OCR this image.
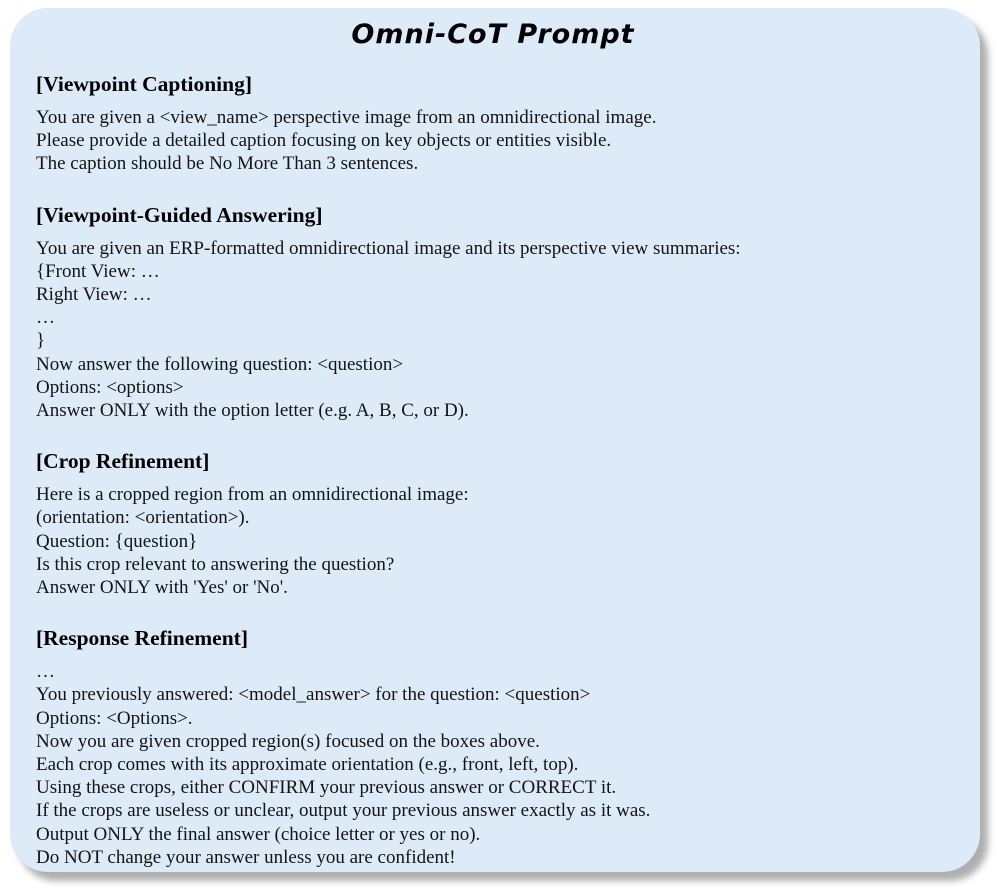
Omni-CoT Prompt
[Viewpoint Captioning]

You are given a <view_name> perspective image from an omnidirectional image.

Please provide a detailed caption focusing on key objects or entities visible.

The caption should be No More Than 3 sentences.

[Viewpoint-Guided Answering]

You are given an ERP-formatted omnidirectional image and its perspective view summaries:

{Front View: …

Right View: …

…

}

Now answer the following question: <question>

Options: <options>

Answer ONLY with the option letter (e.g. A, B, C, or D).

[Crop Refinement]

Here is a cropped region from an omnidirectional image:

(orientation: <orientation>).

Question: {question}

Is this crop relevant to answering the question?

Answer ONLY with 'Yes' or 'No'.

[Response Refinement]

…

You previously answered: <model_answer> for the question: <question>

Options: <Options>.

Now you are given cropped region(s) focused on the boxes above.

Each crop comes with its approximate orientation (e.g., front, left, top).

Using these crops, either CONFIRM your previous answer or CORRECT it.

If the crops are useless or unclear, output your previous answer exactly as it was.

Output ONLY the final answer (choice letter or yes or no).

Do NOT change your answer unless you are confident!
